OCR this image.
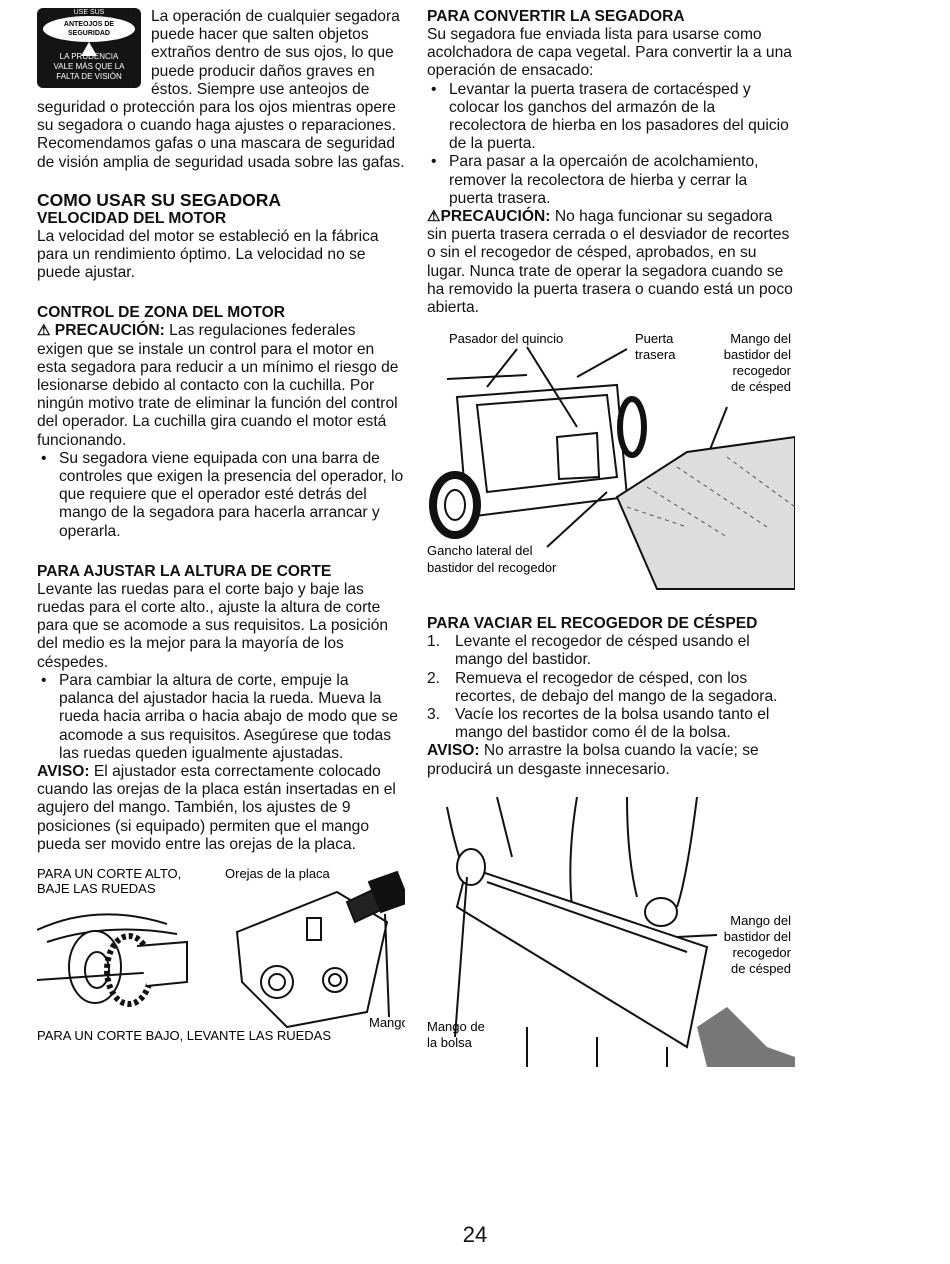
USE SUS
ANTEOJOS DE
SEGURIDAD
LA PRUDENCIA
VALE MÁS QUE LA
FALTA DE VISIÓN

La operación de cualquier segadora puede hacer que salten objetos extraños dentro de sus ojos, lo que puede producir daños graves en éstos. Siempre use anteojos de seguridad o protección para los ojos mientras opere su segadora o cuando haga ajustes o reparaciones. Recomendamos gafas o una mascara de seguridad de visión amplia de seguridad usada sobre las gafas.

COMO USAR SU SEGADORA
VELOCIDAD DEL MOTOR

La velocidad del motor se estableció en la fábrica para un rendimiento óptimo. La velocidad no se puede ajustar.

CONTROL DE ZONA DEL MOTOR

⚠ PRECAUCIÓN: Las regulaciones federales exigen que se instale un control para el motor en esta segadora para reducir a un mínimo el riesgo de lesionarse debido al contacto con la cuchilla. Por ningún motivo trate de eliminar la función del control del operador. La cuchilla gira cuando el motor está funcionando.

• Su segadora viene equipada con una barra de controles que exigen la presencia del operador, lo que requiere que el operador esté detrás del mango de la segadora para hacerla arrancar y operarla.

PARA AJUSTAR LA ALTURA DE CORTE

Levante las ruedas para el corte bajo y baje las ruedas para el corte alto., ajuste la altura de corte para que se acomode a sus requisitos. La posición del medio es la mejor para la mayoría de los céspedes.

• Para cambiar la altura de corte, empuje la palanca del ajustador hacia la rueda. Mueva la rueda hacia arriba o hacia abajo de modo que se acomode a sus requisitos. Asegúrese que todas las ruedas queden igualmente ajustadas.

AVISO: El ajustador esta correctamente colocado cuando las orejas de la placa están insertadas en el agujero del mango. También, los ajustes de 9 posiciones (si equipado) permiten que el mango pueda ser movido entre las orejas de la placa.

PARA UN CORTE ALTO,
BAJE LAS RUEDAS
Orejas de la placa
Mango
PARA UN CORTE BAJO, LEVANTE LAS RUEDAS
PARA CONVERTIR LA SEGADORA

Su segadora fue enviada lista para usarse como acolchadora de capa vegetal. Para convertir la a una operación de ensacado:

• Levantar la puerta trasera de cortacésped y colocar los ganchos del armazón de la recolectora de hierba en los pasadores del quicio de la puerta.

• Para pasar a la opercaión de acolchamiento, remover la recolectora de hierba y cerrar la puerta trasera.

⚠PRECAUCIÓN: No haga funcionar su segadora sin puerta trasera cerrada o el desviador de recortes o sin el recogedor de césped, aprobados, en su lugar. Nunca trate de operar la segadora cuando se ha removido la puerta trasera o cuando está un poco abierta.

Pasador del quincio	Puerta
trasera
Mango del
bastidor del
recogedor
de césped
Gancho lateral del
bastidor del recogedor
PARA VACIAR EL RECOGEDOR DE CÉSPED

1. Levante el recogedor de césped usando el mango del bastidor.

2. Remueva el recogedor de césped, con los recortes, de debajo del mango de la segadora.

3. Vacíe los recortes de la bolsa usando tanto el mango del bastidor como él de la bolsa.

AVISO: No arrastre la bolsa cuando la vacíe; se producirá un desgaste innecesario.

Mango del
bastidor del
recogedor
de césped
Mango de
la bolsa
24
